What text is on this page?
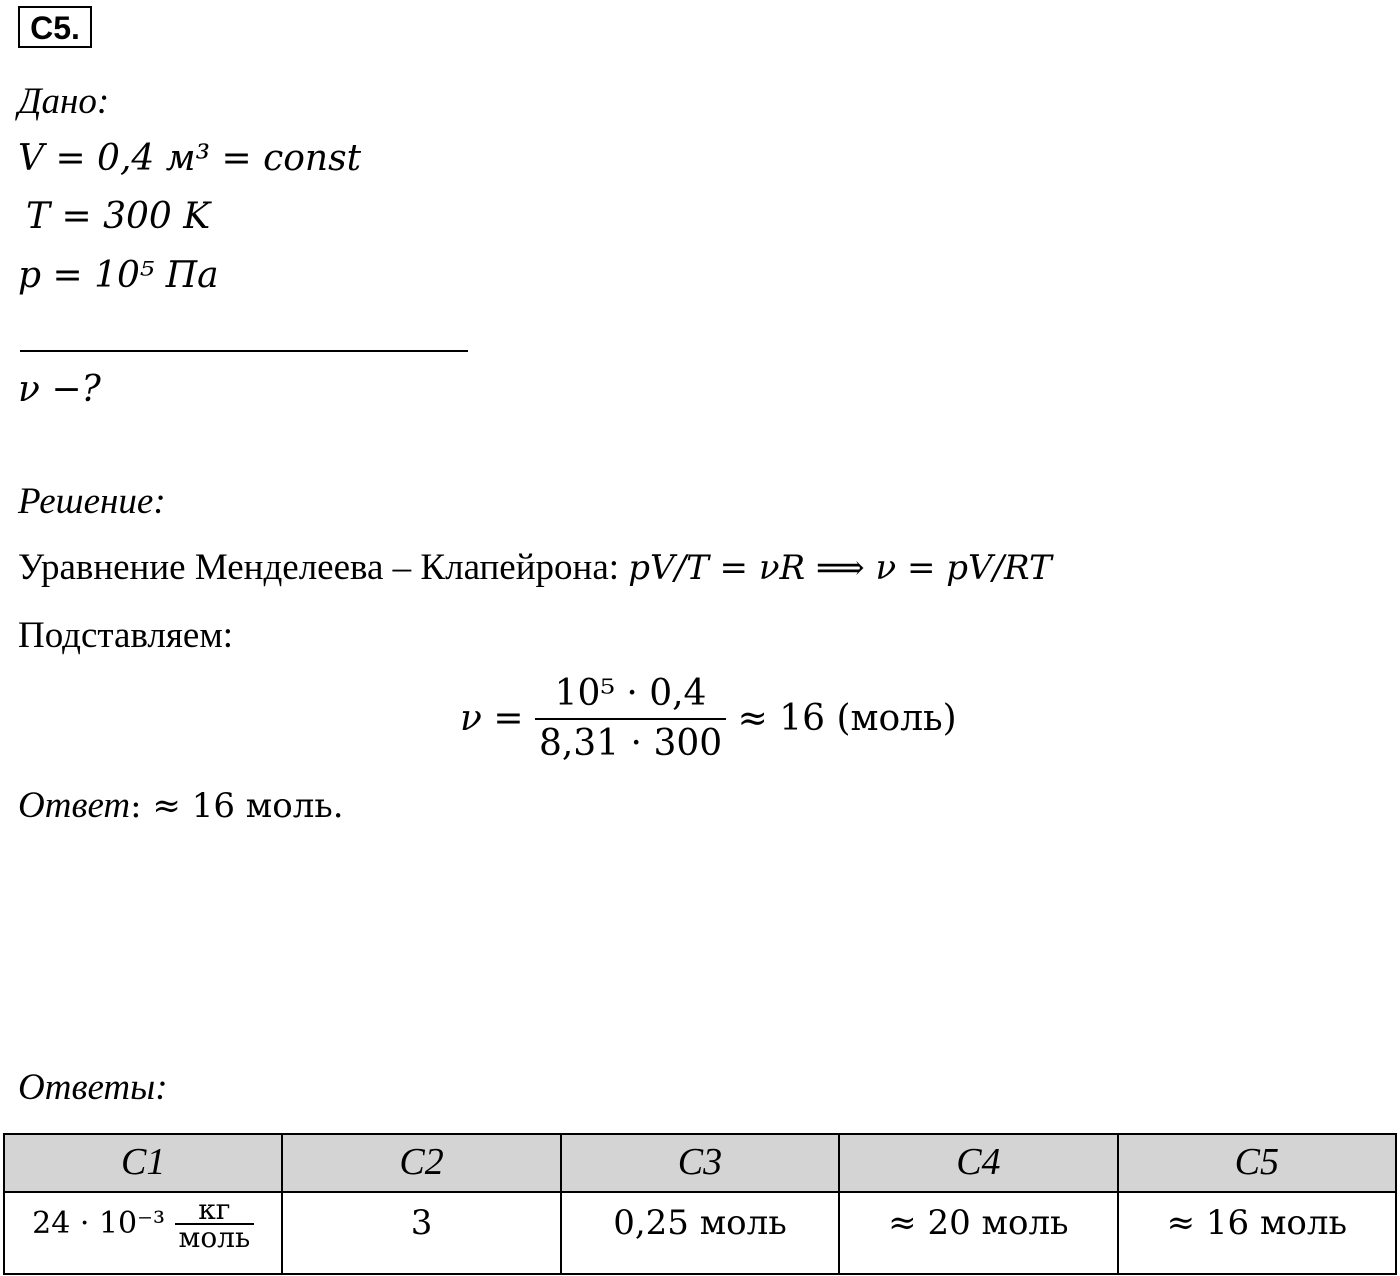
C5.
Дано:
V = 0,4 м³ = const
T = 300 K
p = 10⁵ Па
ν −?
Решение:
Уравнение Менделеева – Клапейрона: pV/T = νR ⟹ ν = pV/RT
Подставляем:
$\nu = \frac{\text{10⁵ · 0,4}}{8,31 \cdot 300} \approx 16$ (моль)
Ответ: ≈ 16 моль.
Ответы:
C1	C2	C3	C4	C5
$24 \cdot 10^{-3} \frac{кг}{\text{моль}}$	3	0,25 моль	≈ 20 моль	≈ 16 моль
